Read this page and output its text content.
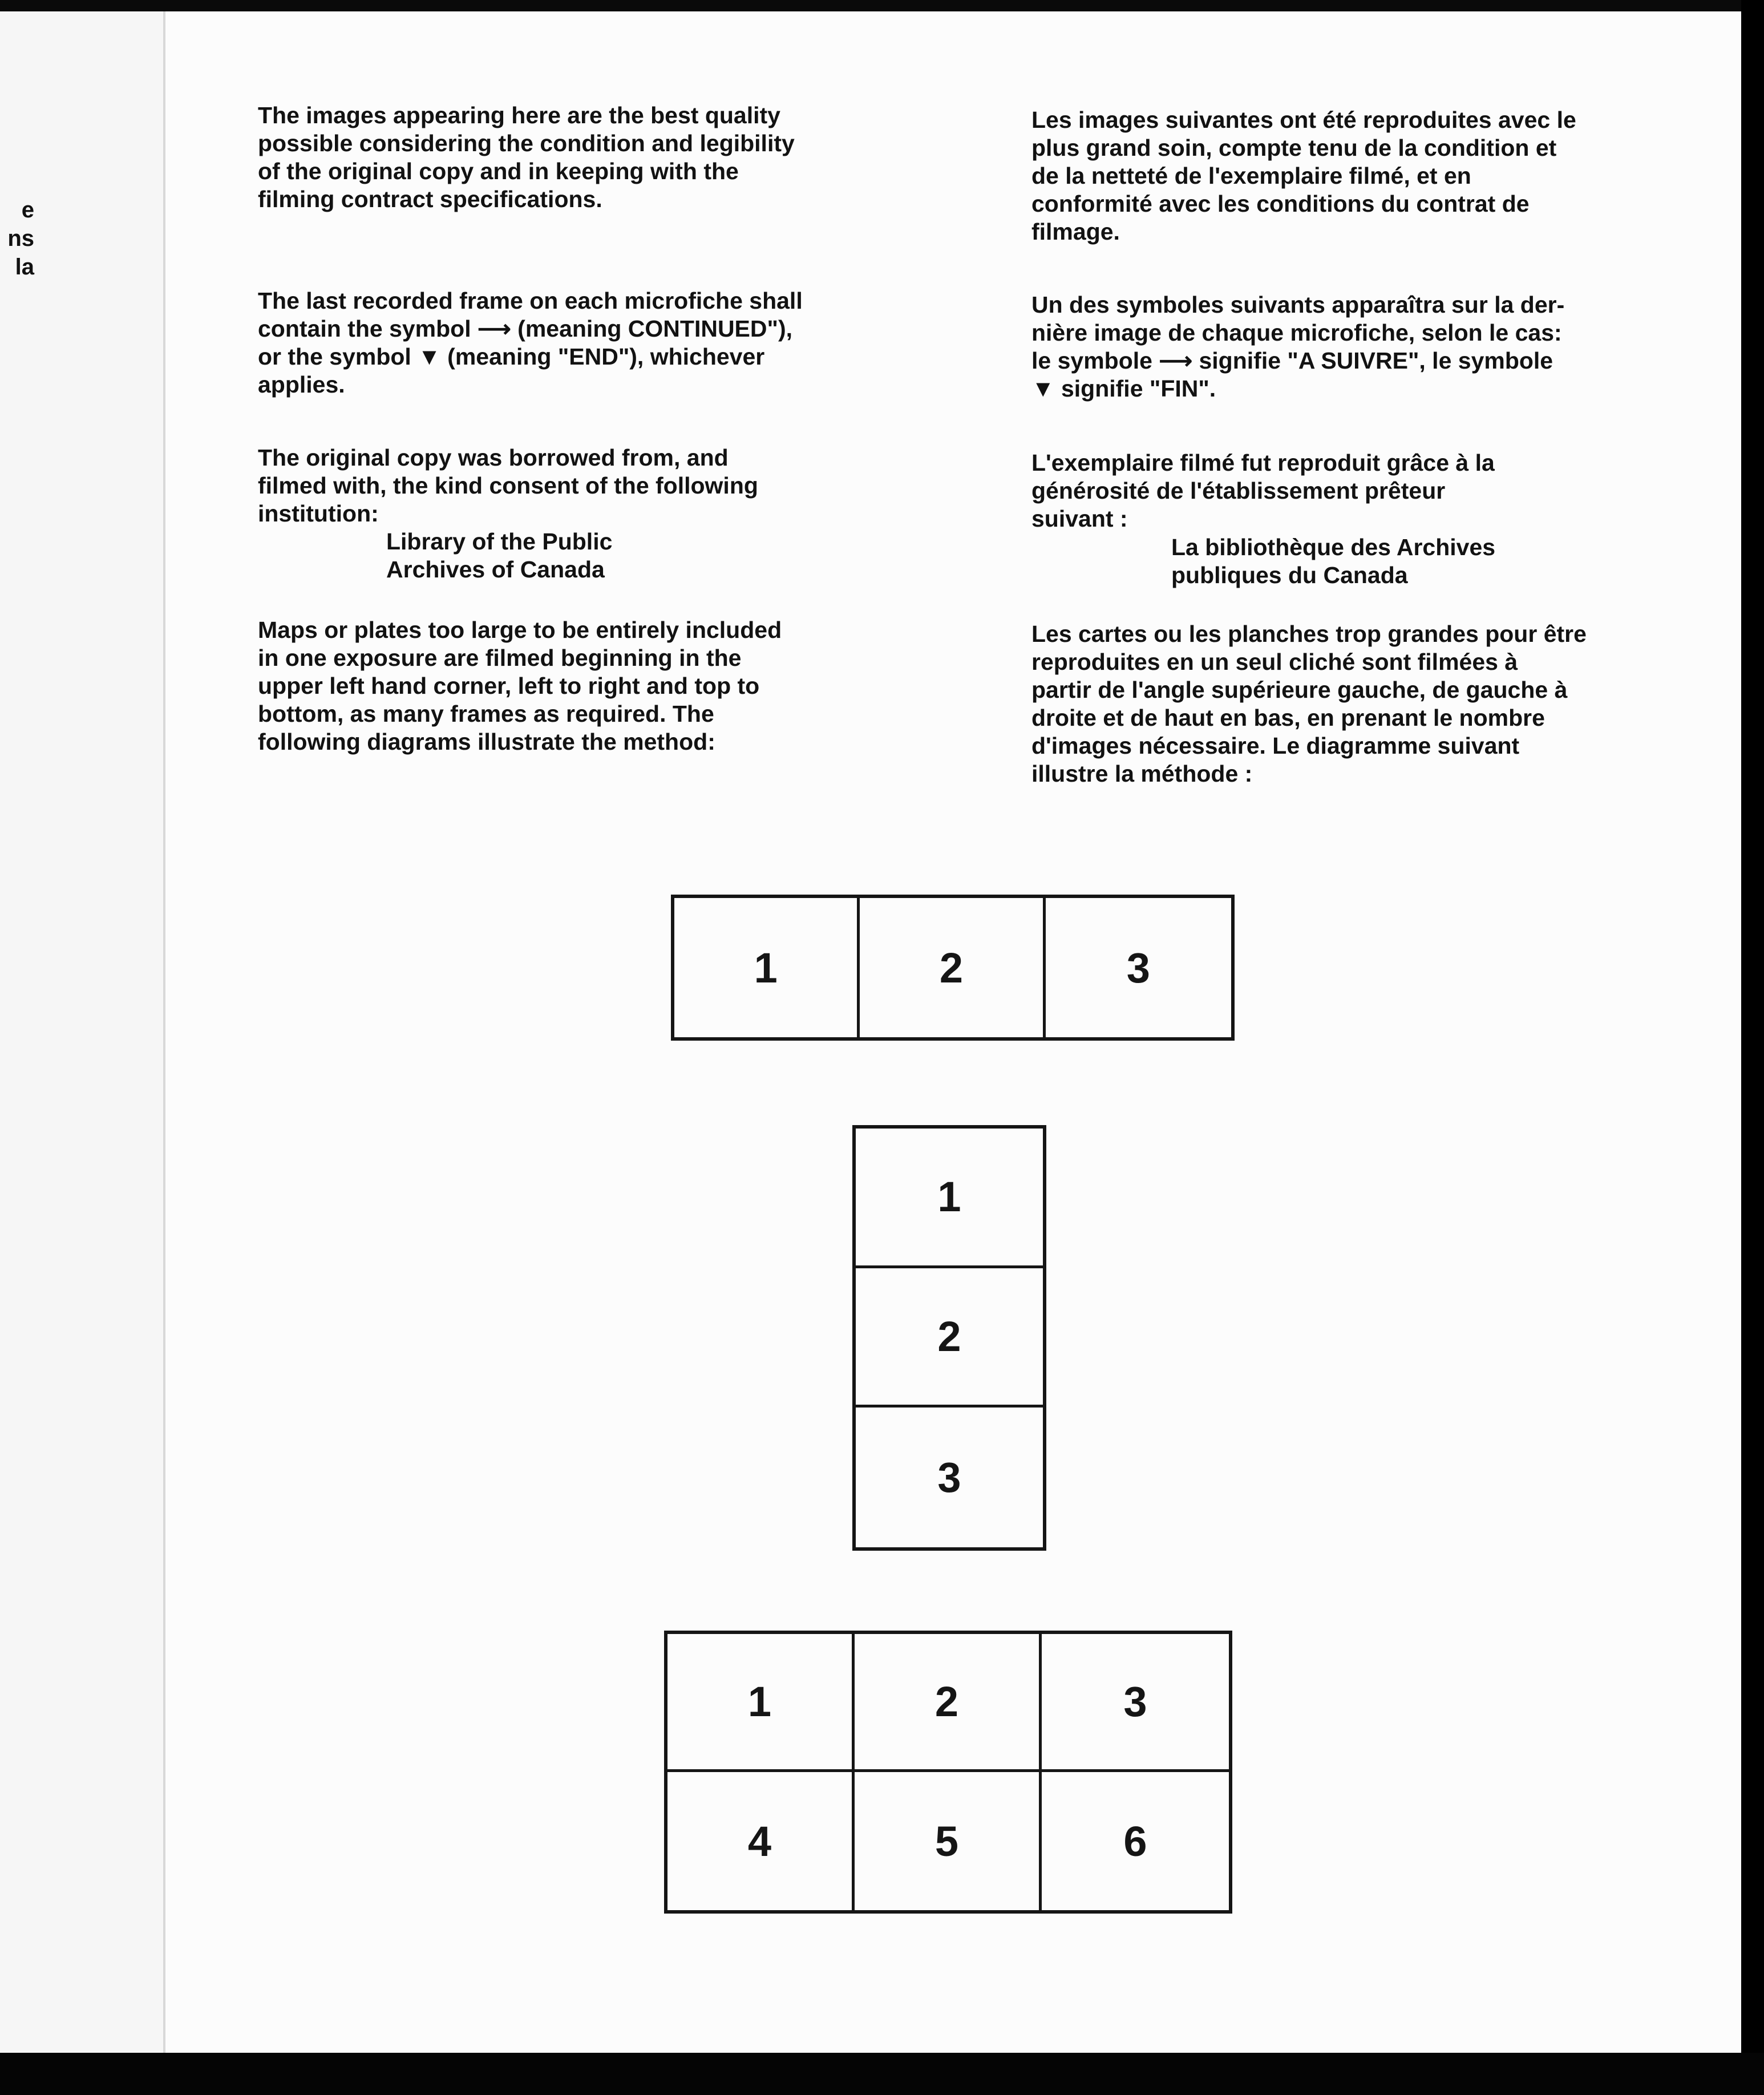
e
ns
la

The images appearing here are the best quality
possible considering the condition and legibility
of the original copy and in keeping with the
filming contract specifications.

The last recorded frame on each microfiche shall
contain the symbol ⟶ (meaning CONTINUED"),
or the symbol ▼ (meaning "END"), whichever
applies.

The original copy was borrowed from, and
filmed with, the kind consent of the following
institution:

Library of the Public
Archives of Canada

Maps or plates too large to be entirely included
in one exposure are filmed beginning in the
upper left hand corner, left to right and top to
bottom, as many frames as required. The
following diagrams illustrate the method:

Les images suivantes ont été reproduites avec le
plus grand soin, compte tenu de la condition et
de la netteté de l'exemplaire filmé, et en
conformité avec les conditions du contrat de
filmage.

Un des symboles suivants apparaîtra sur la der-
nière image de chaque microfiche, selon le cas:
le symbole ⟶ signifie "A SUIVRE", le symbole
▼ signifie "FIN".

L'exemplaire filmé fut reproduit grâce à la
générosité de l'établissement prêteur
suivant :

La bibliothèque des Archives
publiques du Canada

Les cartes ou les planches trop grandes pour être
reproduites en un seul cliché sont filmées à
partir de l'angle supérieure gauche, de gauche à
droite et de haut en bas, en prenant le nombre
d'images nécessaire. Le diagramme suivant
illustre la méthode :

1	2	3
1
2
3
1	2	3
4	5	6
